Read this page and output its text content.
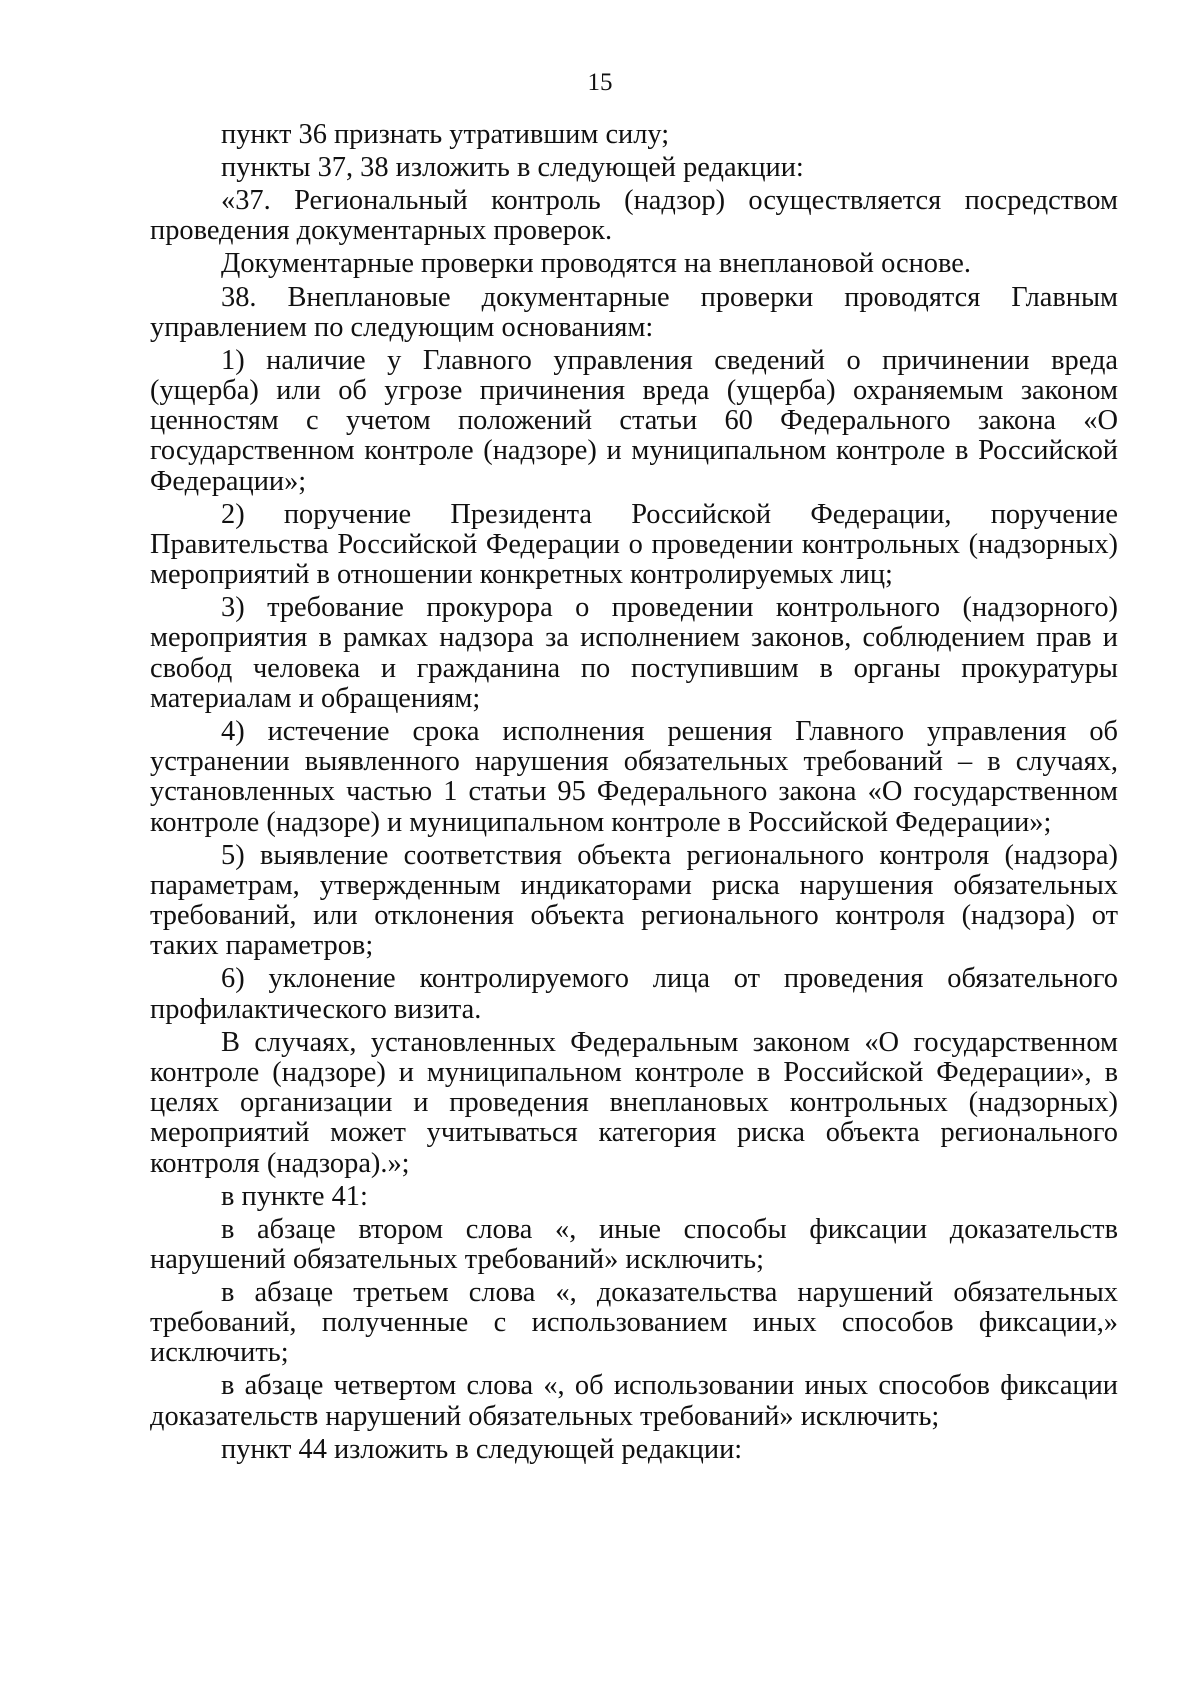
15

пункт 36 признать утратившим силу;

пункты 37, 38 изложить в следующей редакции:

«37. Региональный контроль (надзор) осуществляется посредством проведения документарных проверок.

Документарные проверки проводятся на внеплановой основе.

38. Внеплановые документарные проверки проводятся Главным управлением по следующим основаниям:

1) наличие у Главного управления сведений о причинении вреда (ущерба) или об угрозе причинения вреда (ущерба) охраняемым законом ценностям с учетом положений статьи 60 Федерального закона «О государственном контроле (надзоре) и муниципальном контроле в Российской Федерации»;

2) поручение Президента Российской Федерации, поручение Правительства Российской Федерации о проведении контрольных (надзорных) мероприятий в отношении конкретных контролируемых лиц;

3) требование прокурора о проведении контрольного (надзорного) мероприятия в рамках надзора за исполнением законов, соблюдением прав и свобод человека и гражданина по поступившим в органы прокуратуры материалам и обращениям;

4) истечение срока исполнения решения Главного управления об устранении выявленного нарушения обязательных требований – в случаях, установленных частью 1 статьи 95 Федерального закона «О государственном контроле (надзоре) и муниципальном контроле в Российской Федерации»;

5) выявление соответствия объекта регионального контроля (надзора) параметрам, утвержденным индикаторами риска нарушения обязательных требований, или отклонения объекта регионального контроля (надзора) от таких параметров;

6) уклонение контролируемого лица от проведения обязательного профилактического визита.

В случаях, установленных Федеральным законом «О государственном контроле (надзоре) и муниципальном контроле в Российской Федерации», в целях организации и проведения внеплановых контрольных (надзорных) мероприятий может учитываться категория риска объекта регионального контроля (надзора).»;

в пункте 41:

в абзаце втором слова «, иные способы фиксации доказательств нарушений обязательных требований» исключить;

в абзаце третьем слова «, доказательства нарушений обязательных требований, полученные с использованием иных способов фиксации,» исключить;

в абзаце четвертом слова «, об использовании иных способов фиксации доказательств нарушений обязательных требований» исключить;

пункт 44 изложить в следующей редакции:
